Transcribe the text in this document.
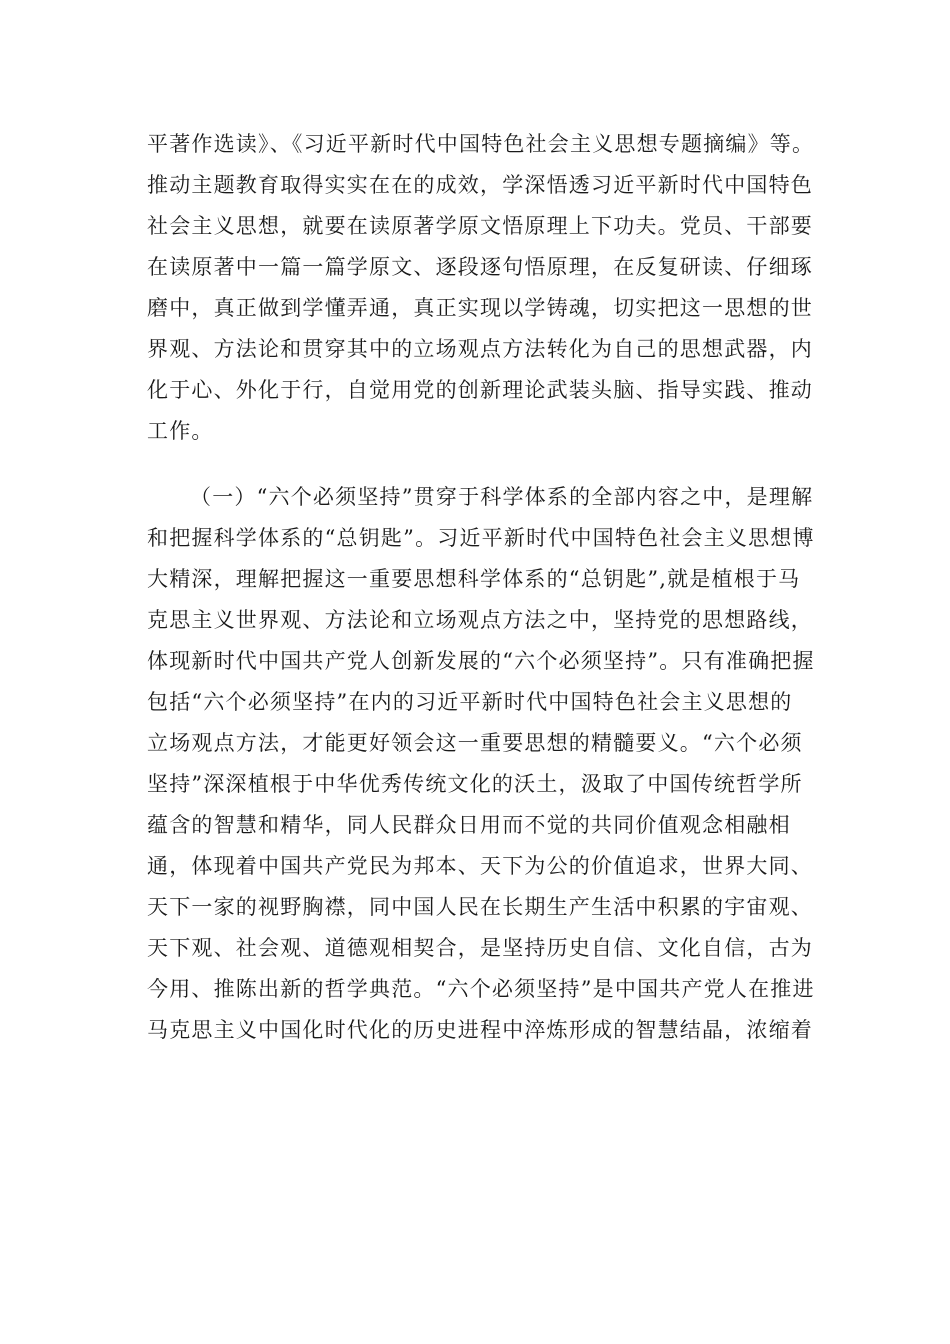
平著作选读》、《习近平新时代中国特色社会主义思想专题摘编》等。
推动主题教育取得实实在在的成效，学深悟透习近平新时代中国特色
社会主义思想，就要在读原著学原文悟原理上下功夫。党员、干部要
在读原著中一篇一篇学原文、逐段逐句悟原理，在反复研读、仔细琢
磨中，真正做到学懂弄通，真正实现以学铸魂，切实把这一思想的世
界观、方法论和贯穿其中的立场观点方法转化为自己的思想武器，内
化于心、外化于行，自觉用党的创新理论武装头脑、指导实践、推动
工作。
（一）“六个必须坚持”贯穿于科学体系的全部内容之中，是理解
和把握科学体系的“总钥匙”。习近平新时代中国特色社会主义思想博
大精深，理解把握这一重要思想科学体系的“总钥匙”,就是植根于马
克思主义世界观、方法论和立场观点方法之中，坚持党的思想路线，
体现新时代中国共产党人创新发展的“六个必须坚持”。只有准确把握
包括“六个必须坚持”在内的习近平新时代中国特色社会主义思想的
立场观点方法，才能更好领会这一重要思想的精髓要义。“六个必须
坚持”深深植根于中华优秀传统文化的沃土，汲取了中国传统哲学所
蕴含的智慧和精华，同人民群众日用而不觉的共同价值观念相融相
通，体现着中国共产党民为邦本、天下为公的价值追求，世界大同、
天下一家的视野胸襟，同中国人民在长期生产生活中积累的宇宙观、
天下观、社会观、道德观相契合，是坚持历史自信、文化自信，古为
今用、推陈出新的哲学典范。“六个必须坚持”是中国共产党人在推进
马克思主义中国化时代化的历史进程中淬炼形成的智慧结晶，浓缩着
